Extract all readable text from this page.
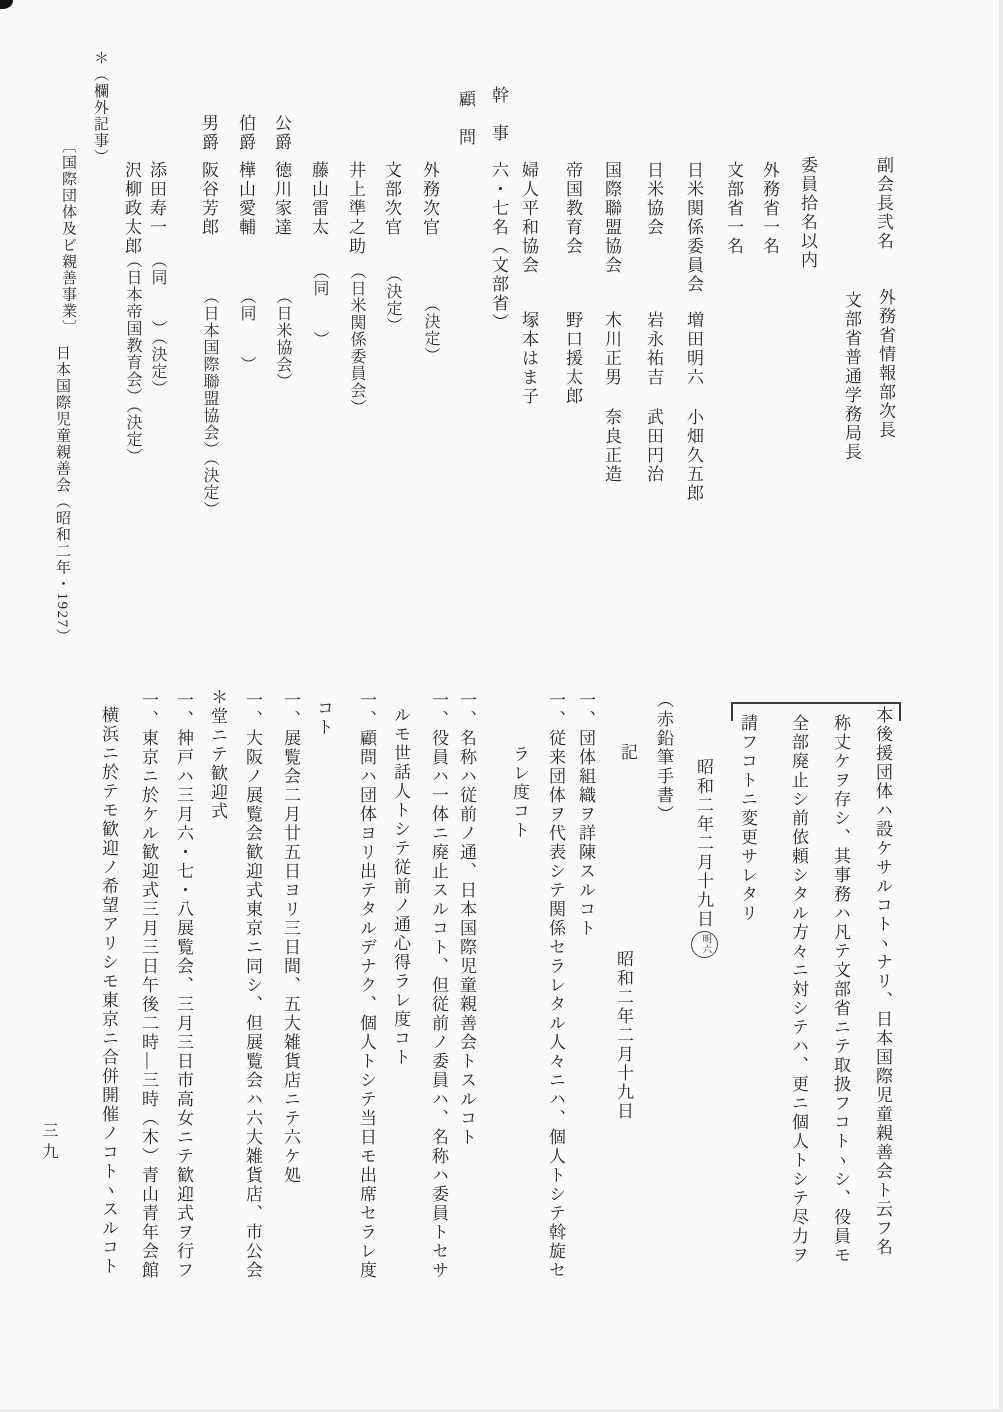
副会長弐名
外務省情報部次長
文部省普通学務局長
委員拾名以内
外務省一名
文部省一名
日米関係委員会
増田明六
小畑久五郎
日米協会
岩永祐吉
武田円治
国際聯盟協会
木川正男
奈良正造
帝国教育会
野口援太郎
婦人平和協会
塚本はま子
幹　事
六・七名（文部省）
顧　問
外務次官
（決定）
文部次官
（決定）
井上準之助
（日米関係委員会）
藤山雷太
（同　　）
公爵
徳川家達
（日米協会）
伯爵
樺山愛輔
（同　　）
男爵
阪谷芳郎
（日本国際聯盟協会）（決定）
添田寿一
（同　　）（決定）
沢柳政太郎
（日本帝国教育会）（決定）
＊（欄外記事）
〔国際団体及ビ親善事業〕
日本国際児童親善会（昭和二年・1927）
本後援団体ハ設ケサルコトヽナリ、日本国際児童親善会ト云フ名
称丈ケヲ存シ、其事務ハ凡テ文部省ニテ取扱フコトヽシ、役員モ
全部廃止シ前依頼シタル方々ニ対シテハ、更ニ個人トシテ尽力ヲ
請フコトニ変更サレタリ
昭和二年二月十九日
明六
（赤鉛筆手書）
記
昭和二年二月十九日
一、団体組織ヲ詳陳スルコト
一、従来団体ヲ代表シテ関係セラレタル人々ニハ、個人トシテ斡旋セ
ラレ度コト
一、名称ハ従前ノ通、日本国際児童親善会トスルコト
一、役員ハ一体ニ廃止スルコト、但従前ノ委員ハ、名称ハ委員トセサ
ルモ世話人トシテ従前ノ通心得ラレ度コト
一、顧問ハ団体ヨリ出テタルデナク、個人トシテ当日モ出席セラレ度
コト
一、展覧会二月廿五日ヨリ三日間、五大雑貨店ニテ六ケ処
一、大阪ノ展覧会歓迎式東京ニ同シ、但展覧会ハ六大雑貨店、市公会
＊堂ニテ歓迎式
一、神戸ハ三月六・七・八展覧会、三月三日市高女ニテ歓迎式ヲ行フ
一、東京ニ於ケル歓迎式三月三日午後二時―三時（木）青山青年会館
横浜ニ於テモ歓迎ノ希望アリシモ東京ニ合併開催ノコトヽスルコト
三九
